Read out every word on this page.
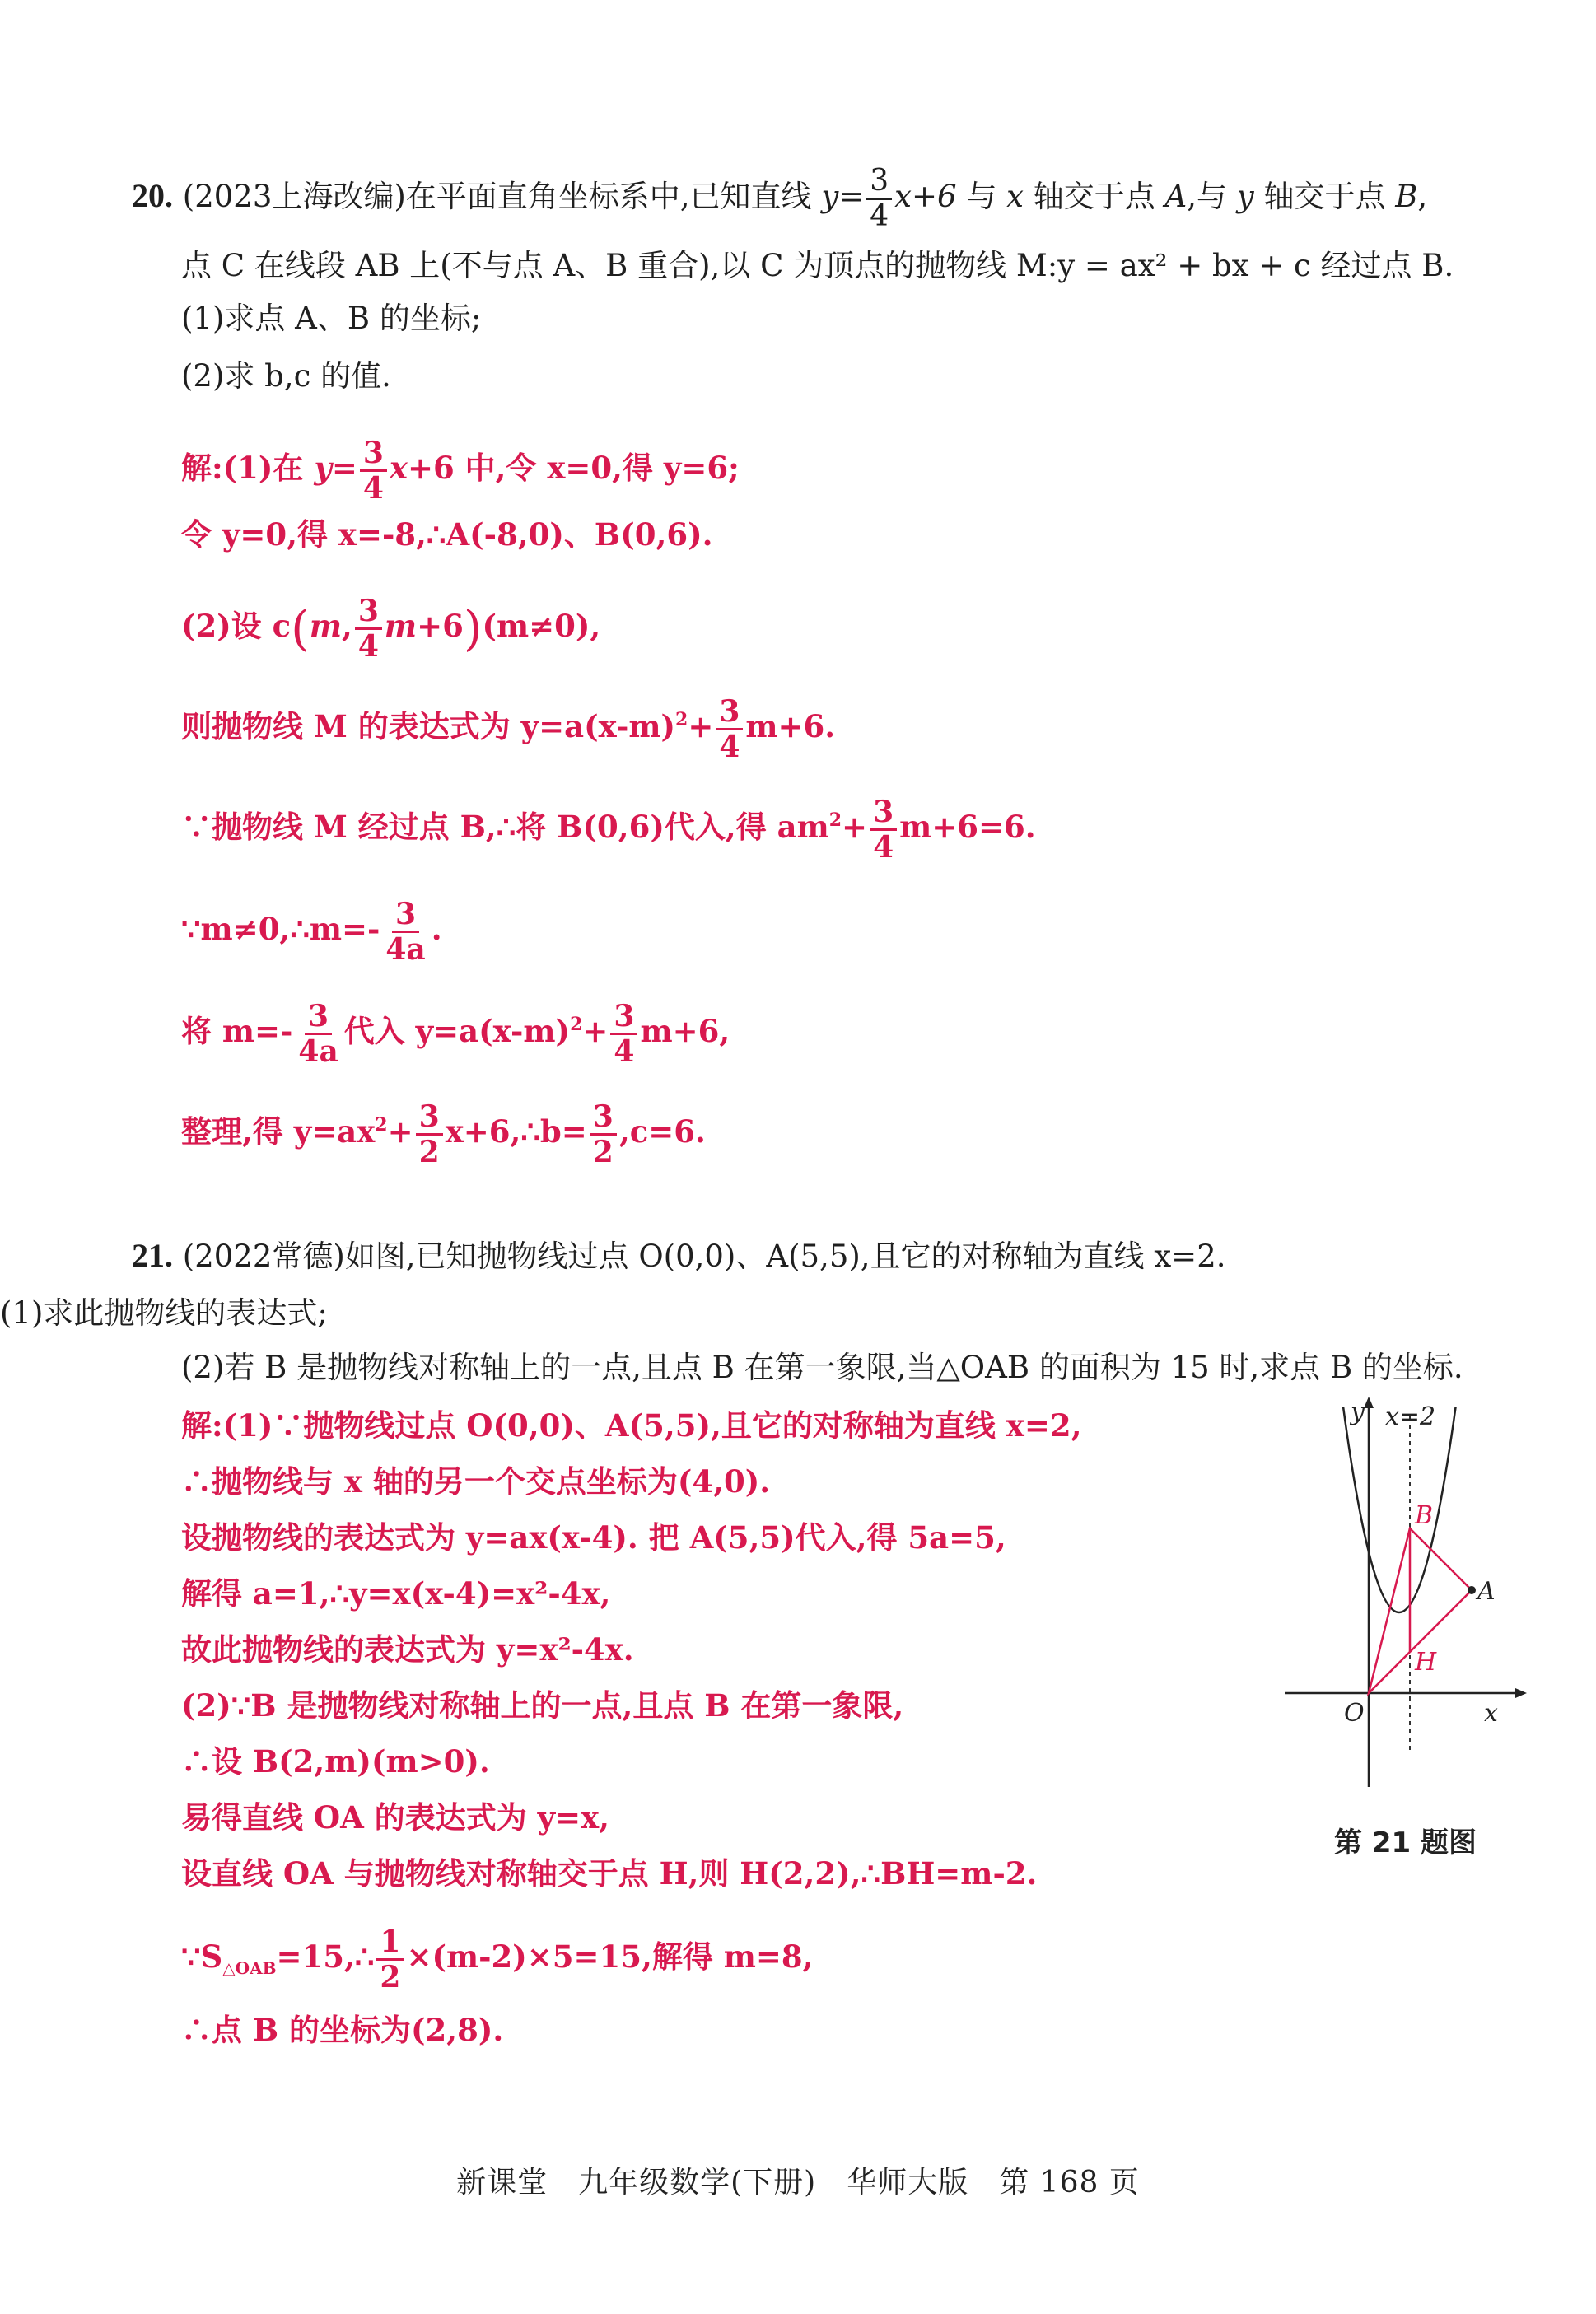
20. (2023上海改编)在平面直角坐标系中,已知直线 $y= \frac{3}{4} x+6$ 与 x 轴交于点 A,与 y 轴交于点 B,
点 C 在线段 AB 上(不与点 A、B 重合),以 C 为顶点的抛物线 M:y = ax² + bx + c 经过点 B.
(1)求点 A、B 的坐标;
(2)求 b,c 的值.
解:(1)在 $y= \frac{3}{4} x+6$ 中,令 x=0,得 y=6;
令 y=0,得 x=-8,∴A(-8,0)、B(0,6).
(2)设 c(m, $\frac{3}{4} m+6)(m\ne 0)$,
则抛物线 M 的表达式为 $y=a(x-m)^2+ \frac{3}{4} m+6$.
∵抛物线 M 经过点 B,∴将 B(0,6)代入,得 $am^2+ \frac{3}{4} m+6=6$.
∵m≠0,∴m=- $\frac{3}{4a}$ .
将 $m=- \frac{3}{4a}$ 代入 $y=a(x-m)^2+ \frac{3}{4} m+6$,
整理,得 $y=ax^2+ \frac{3}{2}$ x+6,∴b= $\frac{3}{2} ,c=6$.
21. (2022常德)如图,已知抛物线过点 O(0,0)、A(5,5),且它的对称轴为直线 x=2.
(1)求此抛物线的表达式;
(2)若 B 是抛物线对称轴上的一点,且点 B 在第一象限,当△OAB 的面积为 15 时,求点 B 的坐标.
解:(1)∵抛物线过点 O(0,0)、A(5,5),且它的对称轴为直线 x=2,
∴抛物线与 x 轴的另一个交点坐标为(4,0).
设抛物线的表达式为 y=ax(x-4). 把 A(5,5)代入,得 5a=5,
解得 a=1,∴y=x(x-4)=x²-4x,
故此抛物线的表达式为 y=x²-4x.
(2)∵B 是抛物线对称轴上的一点,且点 B 在第一象限,
∴设 B(2,m)(m>0).
易得直线 OA 的表达式为 y=x,
设直线 OA 与抛物线对称轴交于点 H,则 H(2,2),∴BH=m-2.
$\because S_{\triangle OAB}=15,\therefore \frac{1}{2} \times(m-2)\times 5=15$,解得 m=8,
∴点 B 的坐标为(2,8).
y x=2
x
O
A
B
H
第 21 题图
新课堂　九年级数学(下册)　华师大版　第 168 页
